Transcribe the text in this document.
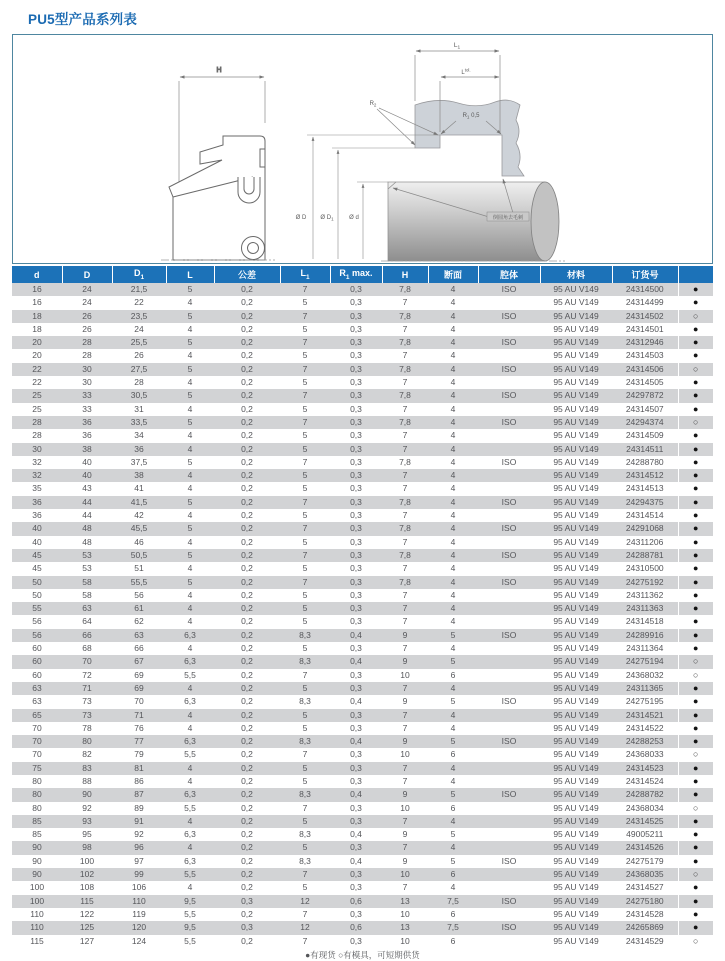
PU5型产品系列表
H
$L_1$
$L^{tol.}$
$R_2$
$R_1$ 0,5
Ø D Ø $D_1$	Ø d	倒圆角去毛刺
d	D	$D_1$	L	公差	$L_1$	$R_1$ max.	H	断面	腔体	材料	订货号	
16	24	21,5	5	0,2	7	0,3	7,8	4	ISO	95 AU V149	24314500	●
16	24	22	4	0,2	5	0,3	7	4		95 AU V149	24314499	●
18	26	23,5	5	0,2	7	0,3	7,8	4	ISO	95 AU V149	24314502	○
18	26	24	4	0,2	5	0,3	7	4		95 AU V149	24314501	●
20	28	25,5	5	0,2	7	0,3	7,8	4	ISO	95 AU V149	24312946	●
20	28	26	4	0,2	5	0,3	7	4		95 AU V149	24314503	●
22	30	27,5	5	0,2	7	0,3	7,8	4	ISO	95 AU V149	24314506	○
22	30	28	4	0,2	5	0,3	7	4		95 AU V149	24314505	●
25	33	30,5	5	0,2	7	0,3	7,8	4	ISO	95 AU V149	24297872	●
25	33	31	4	0,2	5	0,3	7	4		95 AU V149	24314507	●
28	36	33,5	5	0,2	7	0,3	7,8	4	ISO	95 AU V149	24294374	○
28	36	34	4	0,2	5	0,3	7	4		95 AU V149	24314509	●
30	38	36	4	0,2	5	0,3	7	4		95 AU V149	24314511	●
32	40	37,5	5	0,2	7	0,3	7,8	4	ISO	95 AU V149	24288780	●
32	40	38	4	0,2	5	0,3	7	4		95 AU V149	24314512	●
35	43	41	4	0,2	5	0,3	7	4		95 AU V149	24314513	●
36	44	41,5	5	0,2	7	0,3	7,8	4	ISO	95 AU V149	24294375	●
36	44	42	4	0,2	5	0,3	7	4		95 AU V149	24314514	●
40	48	45,5	5	0,2	7	0,3	7,8	4	ISO	95 AU V149	24291068	●
40	48	46	4	0,2	5	0,3	7	4		95 AU V149	24311206	●
45	53	50,5	5	0,2	7	0,3	7,8	4	ISO	95 AU V149	24288781	●
45	53	51	4	0,2	5	0,3	7	4		95 AU V149	24310500	●
50	58	55,5	5	0,2	7	0,3	7,8	4	ISO	95 AU V149	24275192	●
50	58	56	4	0,2	5	0,3	7	4		95 AU V149	24311362	●
55	63	61	4	0,2	5	0,3	7	4		95 AU V149	24311363	●
56	64	62	4	0,2	5	0,3	7	4		95 AU V149	24314518	●
56	66	63	6,3	0,2	8,3	0,4	9	5	ISO	95 AU V149	24289916	●
60	68	66	4	0,2	5	0,3	7	4		95 AU V149	24311364	●
60	70	67	6,3	0,2	8,3	0,4	9	5		95 AU V149	24275194	○
60	72	69	5,5	0,2	7	0,3	10	6		95 AU V149	24368032	○
63	71	69	4	0,2	5	0,3	7	4		95 AU V149	24311365	●
63	73	70	6,3	0,2	8,3	0,4	9	5	ISO	95 AU V149	24275195	●
65	73	71	4	0,2	5	0,3	7	4		95 AU V149	24314521	●
70	78	76	4	0,2	5	0,3	7	4		95 AU V149	24314522	●
70	80	77	6,3	0,2	8,3	0,4	9	5	ISO	95 AU V149	24288253	●
70	82	79	5,5	0,2	7	0,3	10	6		95 AU V149	24368033	○
75	83	81	4	0,2	5	0,3	7	4		95 AU V149	24314523	●
80	88	86	4	0,2	5	0,3	7	4		95 AU V149	24314524	●
80	90	87	6,3	0,2	8,3	0,4	9	5	ISO	95 AU V149	24288782	●
80	92	89	5,5	0,2	7	0,3	10	6		95 AU V149	24368034	○
85	93	91	4	0,2	5	0,3	7	4		95 AU V149	24314525	●
85	95	92	6,3	0,2	8,3	0,4	9	5		95 AU V149	49005211	●
90	98	96	4	0,2	5	0,3	7	4		95 AU V149	24314526	●
90	100	97	6,3	0,2	8,3	0,4	9	5	ISO	95 AU V149	24275179	●
90	102	99	5,5	0,2	7	0,3	10	6		95 AU V149	24368035	○
100	108	106	4	0,2	5	0,3	7	4		95 AU V149	24314527	●
100	115	110	9,5	0,3	12	0,6	13	7,5	ISO	95 AU V149	24275180	●
110	122	119	5,5	0,2	7	0,3	10	6		95 AU V149	24314528	●
110	125	120	9,5	0,3	12	0,6	13	7,5	ISO	95 AU V149	24265869	●
115	127	124	5,5	0,2	7	0,3	10	6		95 AU V149	24314529	○
●有现货 ○有模具，可短期供货
